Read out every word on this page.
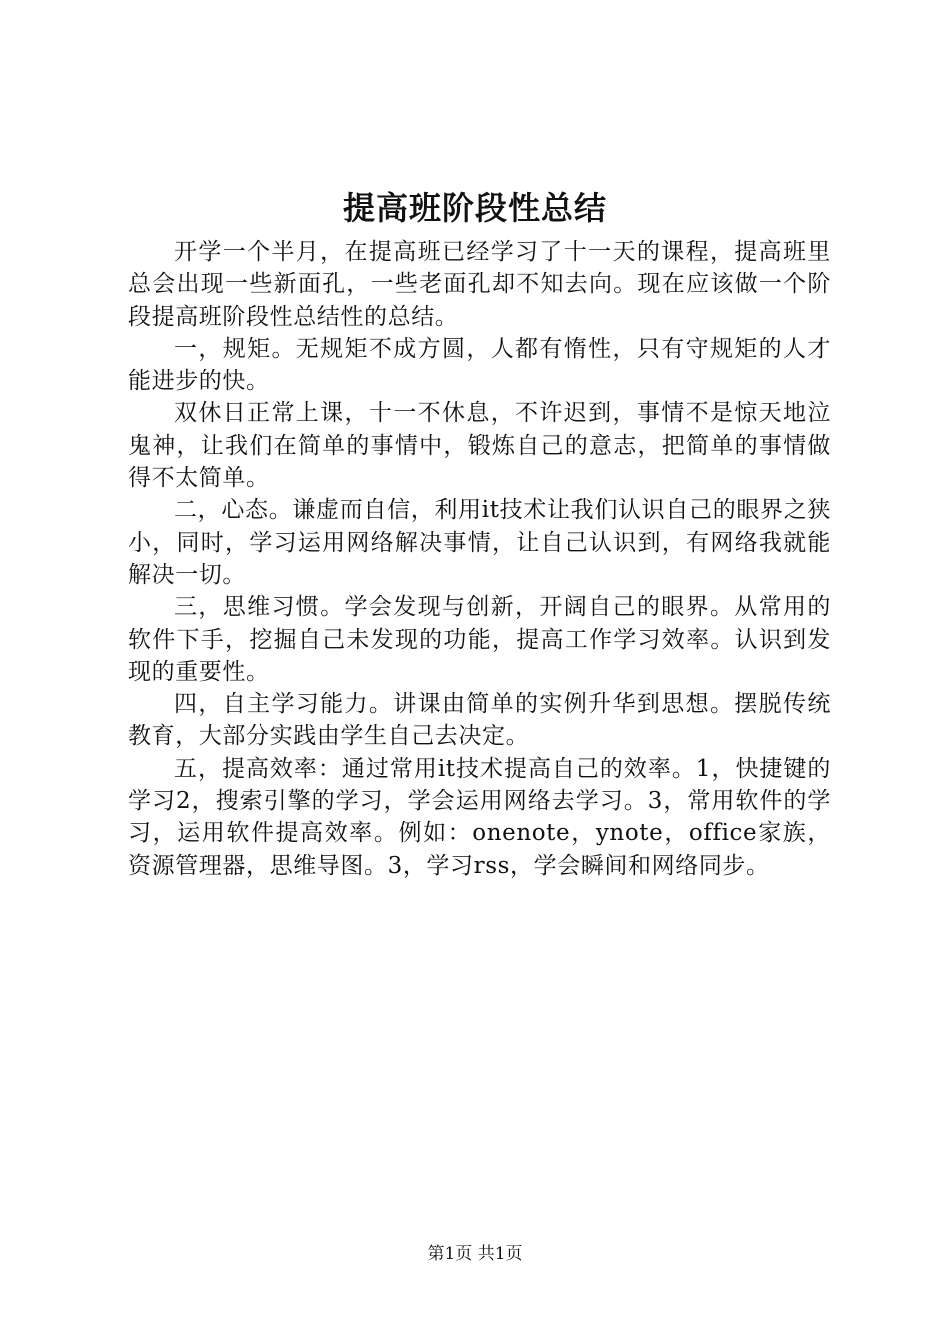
提高班阶段性总结

开学一个半月，在提高班已经学习了十一天的课程，提高班里总会出现一些新面孔，一些老面孔却不知去向。现在应该做一个阶段提高班阶段性总结性的总结。

一，规矩。无规矩不成方圆，人都有惰性，只有守规矩的人才能进步的快。

双休日正常上课，十一不休息，不许迟到，事情不是惊天地泣鬼神，让我们在简单的事情中，锻炼自己的意志，把简单的事情做得不太简单。

二，心态。谦虚而自信，利用it技术让我们认识自己的眼界之狭小，同时，学习运用网络解决事情，让自己认识到，有网络我就能解决一切。

三，思维习惯。学会发现与创新，开阔自己的眼界。从常用的软件下手，挖掘自己未发现的功能，提高工作学习效率。认识到发现的重要性。

四，自主学习能力。讲课由简单的实例升华到思想。摆脱传统教育，大部分实践由学生自己去决定。

五，提高效率：通过常用it技术提高自己的效率。1，快捷键的学习2，搜索引擎的学习，学会运用网络去学习。3，常用软件的学习，运用软件提高效率。例如：onenote，ynote，office家族，资源管理器，思维导图。3，学习rss，学会瞬间和网络同步。

第1页 共1页
